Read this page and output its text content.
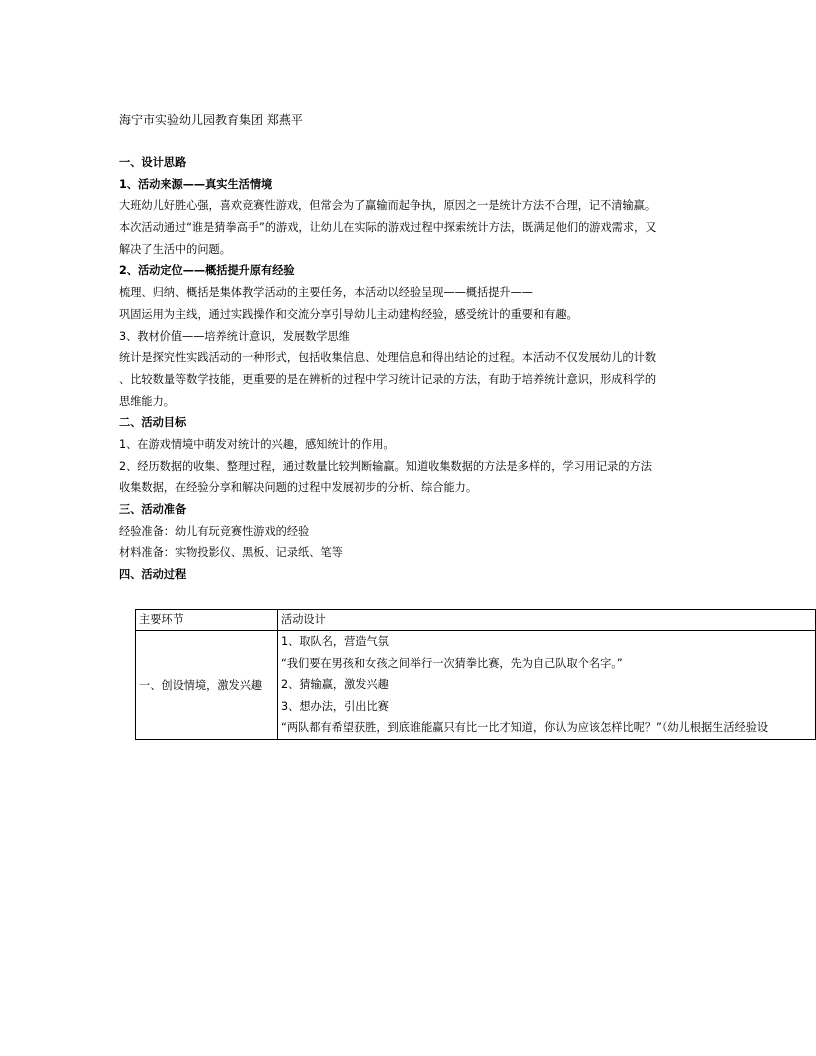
海宁市实验幼儿园教育集团 郑燕平
一、设计思路
1、活动来源——真实生活情境
大班幼儿好胜心强，喜欢竞赛性游戏，但常会为了赢输而起争执，原因之一是统计方法不合理，记不清输赢。
本次活动通过“谁是猜拳高手”的游戏，让幼儿在实际的游戏过程中探索统计方法，既满足他们的游戏需求，又
解决了生活中的问题。
2、活动定位——概括提升原有经验
梳理、归纳、概括是集体教学活动的主要任务，本活动以经验呈现——概括提升——
巩固运用为主线，通过实践操作和交流分享引导幼儿主动建构经验，感受统计的重要和有趣。
3、教材价值——培养统计意识，发展数学思维
统计是探究性实践活动的一种形式，包括收集信息、处理信息和得出结论的过程。本活动不仅发展幼儿的计数
、比较数量等数学技能，更重要的是在辨析的过程中学习统计记录的方法，有助于培养统计意识，形成科学的
思维能力。
二、活动目标
1、在游戏情境中萌发对统计的兴趣，感知统计的作用。
2、经历数据的收集、整理过程，通过数量比较判断输赢。知道收集数据的方法是多样的，学习用记录的方法
收集数据，在经验分享和解决问题的过程中发展初步的分析、综合能力。
三、活动准备
经验准备：幼儿有玩竞赛性游戏的经验
材料准备：实物投影仪、黑板、记录纸、笔等
四、活动过程
主要环节	活动设计
一、创设情境，激发兴趣	1、取队名，营造气氛
“我们要在男孩和女孩之间举行一次猜拳比赛，先为自己队取个名字。”
2、猜输赢，激发兴趣
3、想办法，引出比赛
“两队都有希望获胜，到底谁能赢只有比一比才知道，你认为应该怎样比呢？”（幼儿根据生活经验设
